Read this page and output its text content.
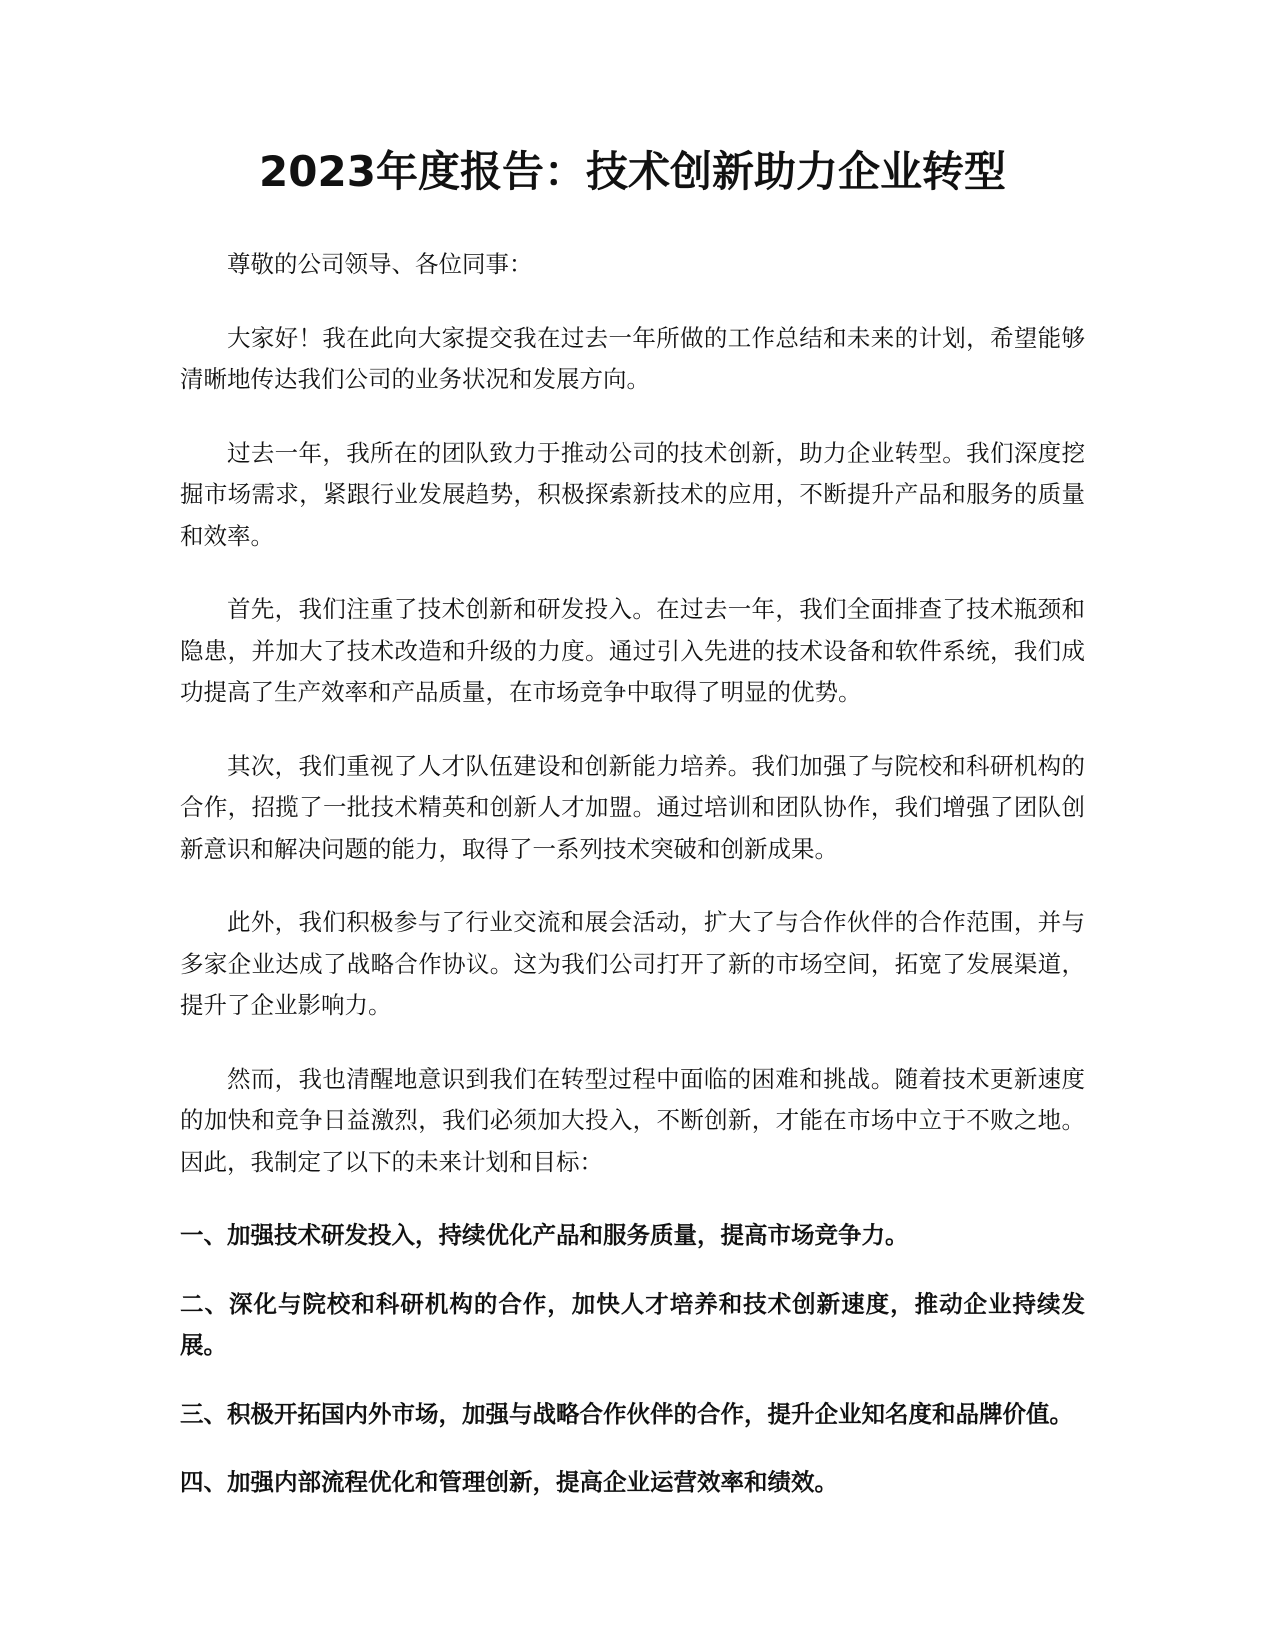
2023年度报告：技术创新助力企业转型

尊敬的公司领导、各位同事：

大家好！我在此向大家提交我在过去一年所做的工作总结和未来的计划，希望能够清晰地传达我们公司的业务状况和发展方向。

过去一年，我所在的团队致力于推动公司的技术创新，助力企业转型。我们深度挖掘市场需求，紧跟行业发展趋势，积极探索新技术的应用，不断提升产品和服务的质量和效率。

首先，我们注重了技术创新和研发投入。在过去一年，我们全面排查了技术瓶颈和隐患，并加大了技术改造和升级的力度。通过引入先进的技术设备和软件系统，我们成功提高了生产效率和产品质量，在市场竞争中取得了明显的优势。

其次，我们重视了人才队伍建设和创新能力培养。我们加强了与院校和科研机构的合作，招揽了一批技术精英和创新人才加盟。通过培训和团队协作，我们增强了团队创新意识和解决问题的能力，取得了一系列技术突破和创新成果。

此外，我们积极参与了行业交流和展会活动，扩大了与合作伙伴的合作范围，并与多家企业达成了战略合作协议。这为我们公司打开了新的市场空间，拓宽了发展渠道，提升了企业影响力。

然而，我也清醒地意识到我们在转型过程中面临的困难和挑战。随着技术更新速度的加快和竞争日益激烈，我们必须加大投入，不断创新，才能在市场中立于不败之地。因此，我制定了以下的未来计划和目标：

一、加强技术研发投入，持续优化产品和服务质量，提高市场竞争力。

二、深化与院校和科研机构的合作，加快人才培养和技术创新速度，推动企业持续发展。

三、积极开拓国内外市场，加强与战略合作伙伴的合作，提升企业知名度和品牌价值。

四、加强内部流程优化和管理创新，提高企业运营效率和绩效。
